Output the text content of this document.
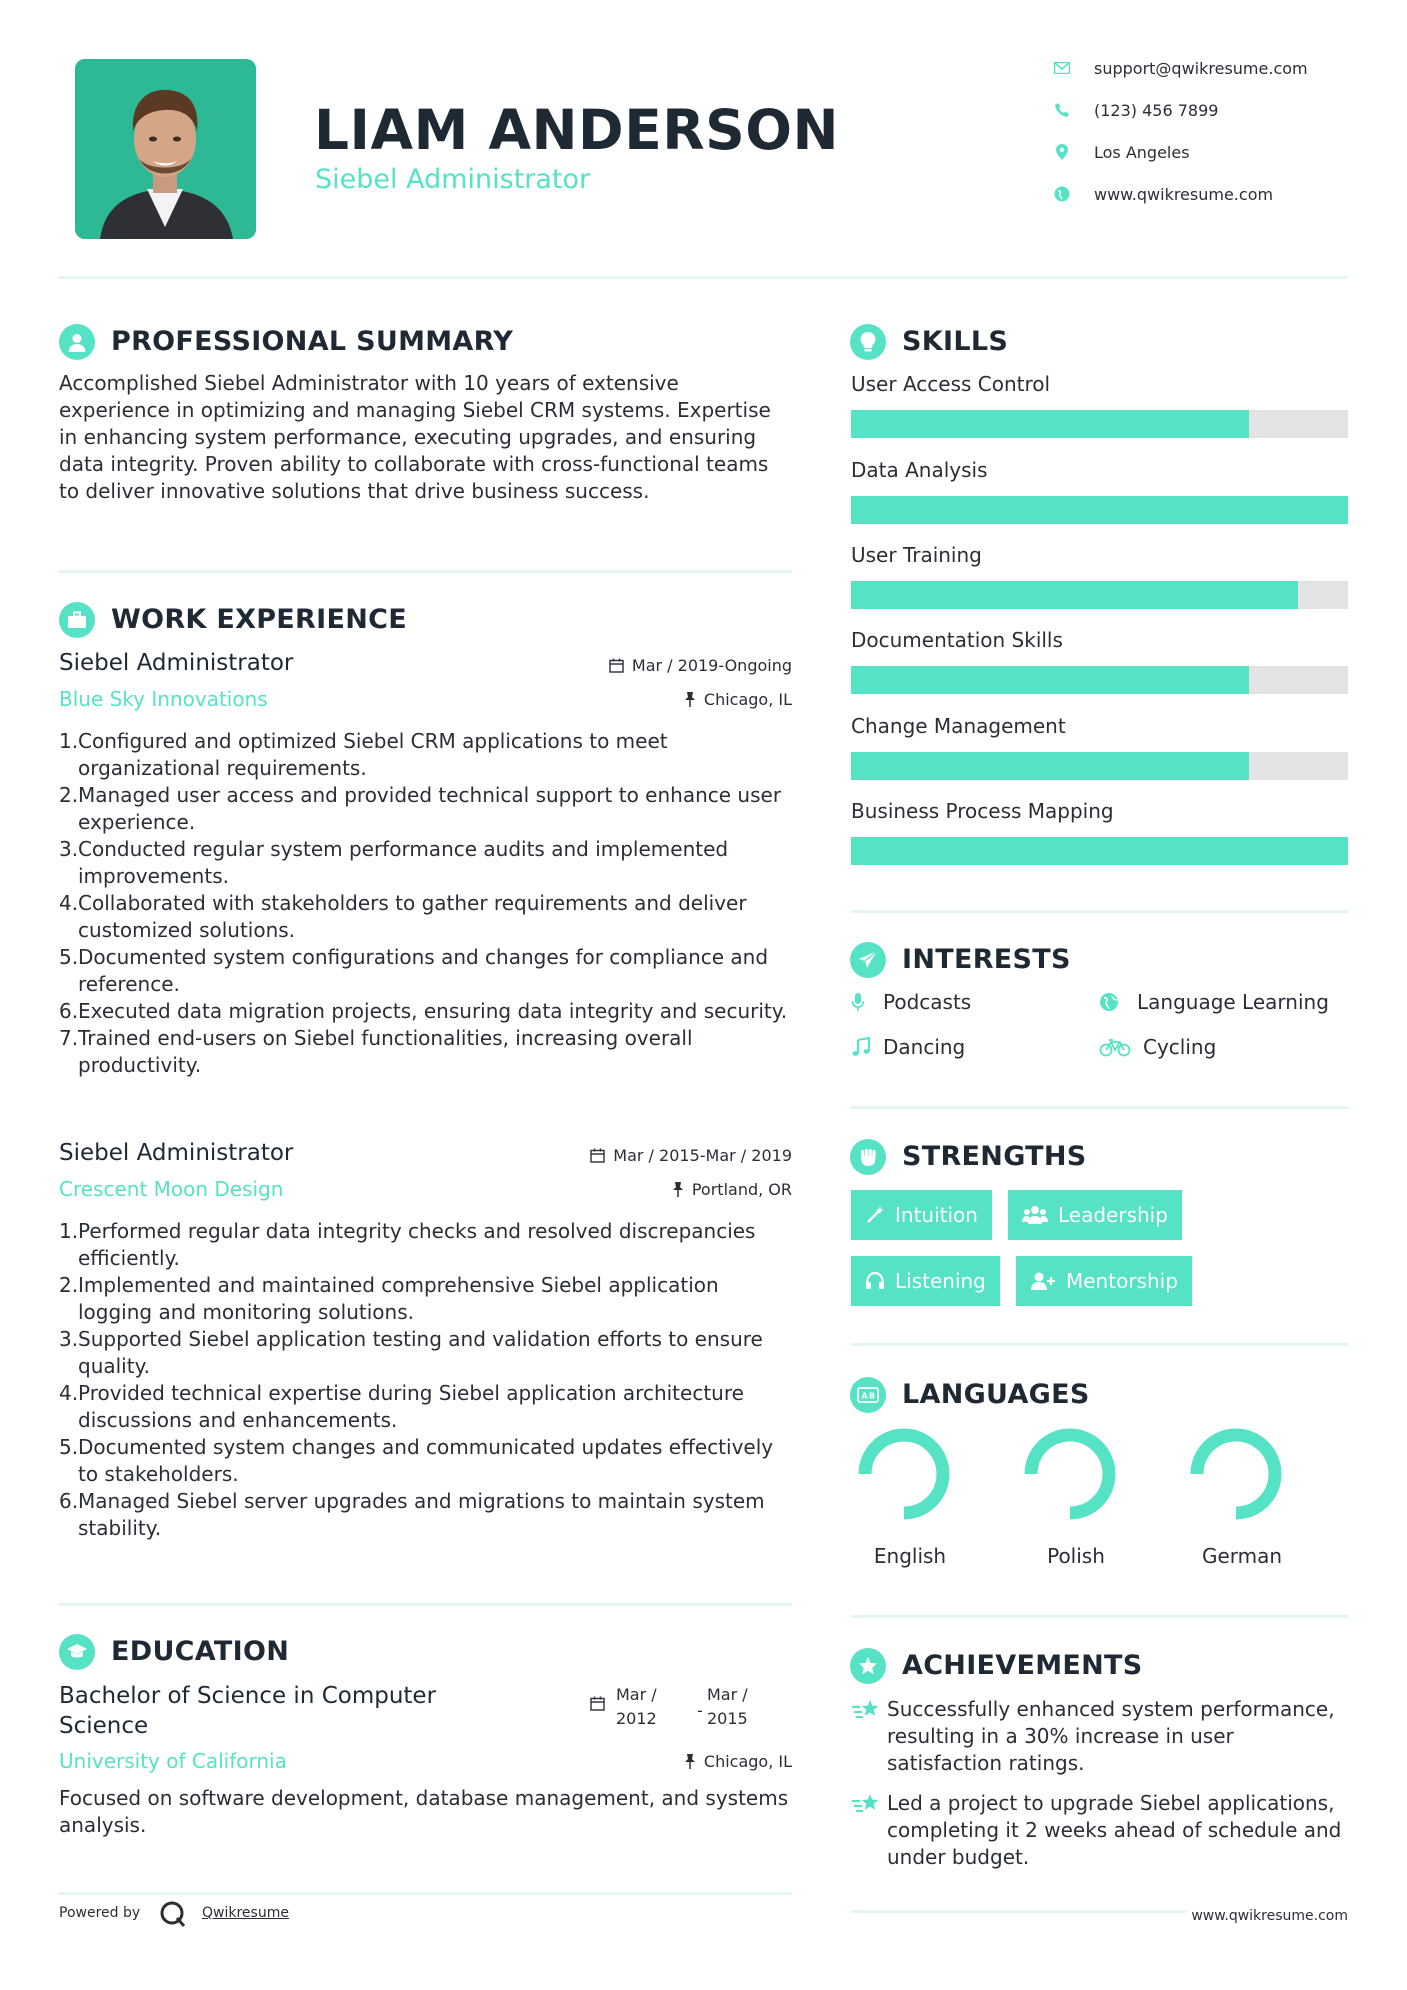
LIAM ANDERSON
Siebel Administrator
support@qwikresume.com
(123) 456 7899
Los Angeles
www.qwikresume.com
PROFESSIONAL SUMMARY
Accomplished Siebel Administrator with 10 years of extensive experience in optimizing and managing Siebel CRM systems. Expertise in enhancing system performance, executing upgrades, and ensuring data integrity. Proven ability to collaborate with cross-functional teams to deliver innovative solutions that drive business success.
WORK EXPERIENCE
Siebel Administrator	Mar / 2019-Ongoing
Blue Sky Innovations	Chicago, IL
1. Configured and optimized Siebel CRM applications to meet organizational requirements.
2. Managed user access and provided technical support to enhance user experience.
3. Conducted regular system performance audits and implemented improvements.
4. Collaborated with stakeholders to gather requirements and deliver customized solutions.
5. Documented system configurations and changes for compliance and reference.
6. Executed data migration projects, ensuring data integrity and security.
7. Trained end-users on Siebel functionalities, increasing overall productivity.
Siebel Administrator	Mar / 2015-Mar / 2019
Crescent Moon Design	Portland, OR
1. Performed regular data integrity checks and resolved discrepancies efficiently.
2. Implemented and maintained comprehensive Siebel application logging and monitoring solutions.
3. Supported Siebel application testing and validation efforts to ensure quality.
4. Provided technical expertise during Siebel application architecture discussions and enhancements.
5. Documented system changes and communicated updates effectively to stakeholders.
6. Managed Siebel server upgrades and migrations to maintain system stability.
EDUCATION
Bachelor of Science in Computer Science
Mar /
2012	-
Mar /
2015
University of California	Chicago, IL
Focused on software development, database management, and systems analysis.
Powered by	Qwikresume
SKILLS
User Access Control
Data Analysis
User Training
Documentation Skills
Change Management
Business Process Mapping
INTERESTS
Podcasts	Language Learning
Dancing	Cycling
STRENGTHS
Intuition	Leadership
Listening	Mentorship
A B LANGUAGES
English	Polish	German
ACHIEVEMENTS
Successfully enhanced system performance, resulting in a 30% increase in user satisfaction ratings.
Led a project to upgrade Siebel applications, completing it 2 weeks ahead of schedule and under budget.
www.qwikresume.com
